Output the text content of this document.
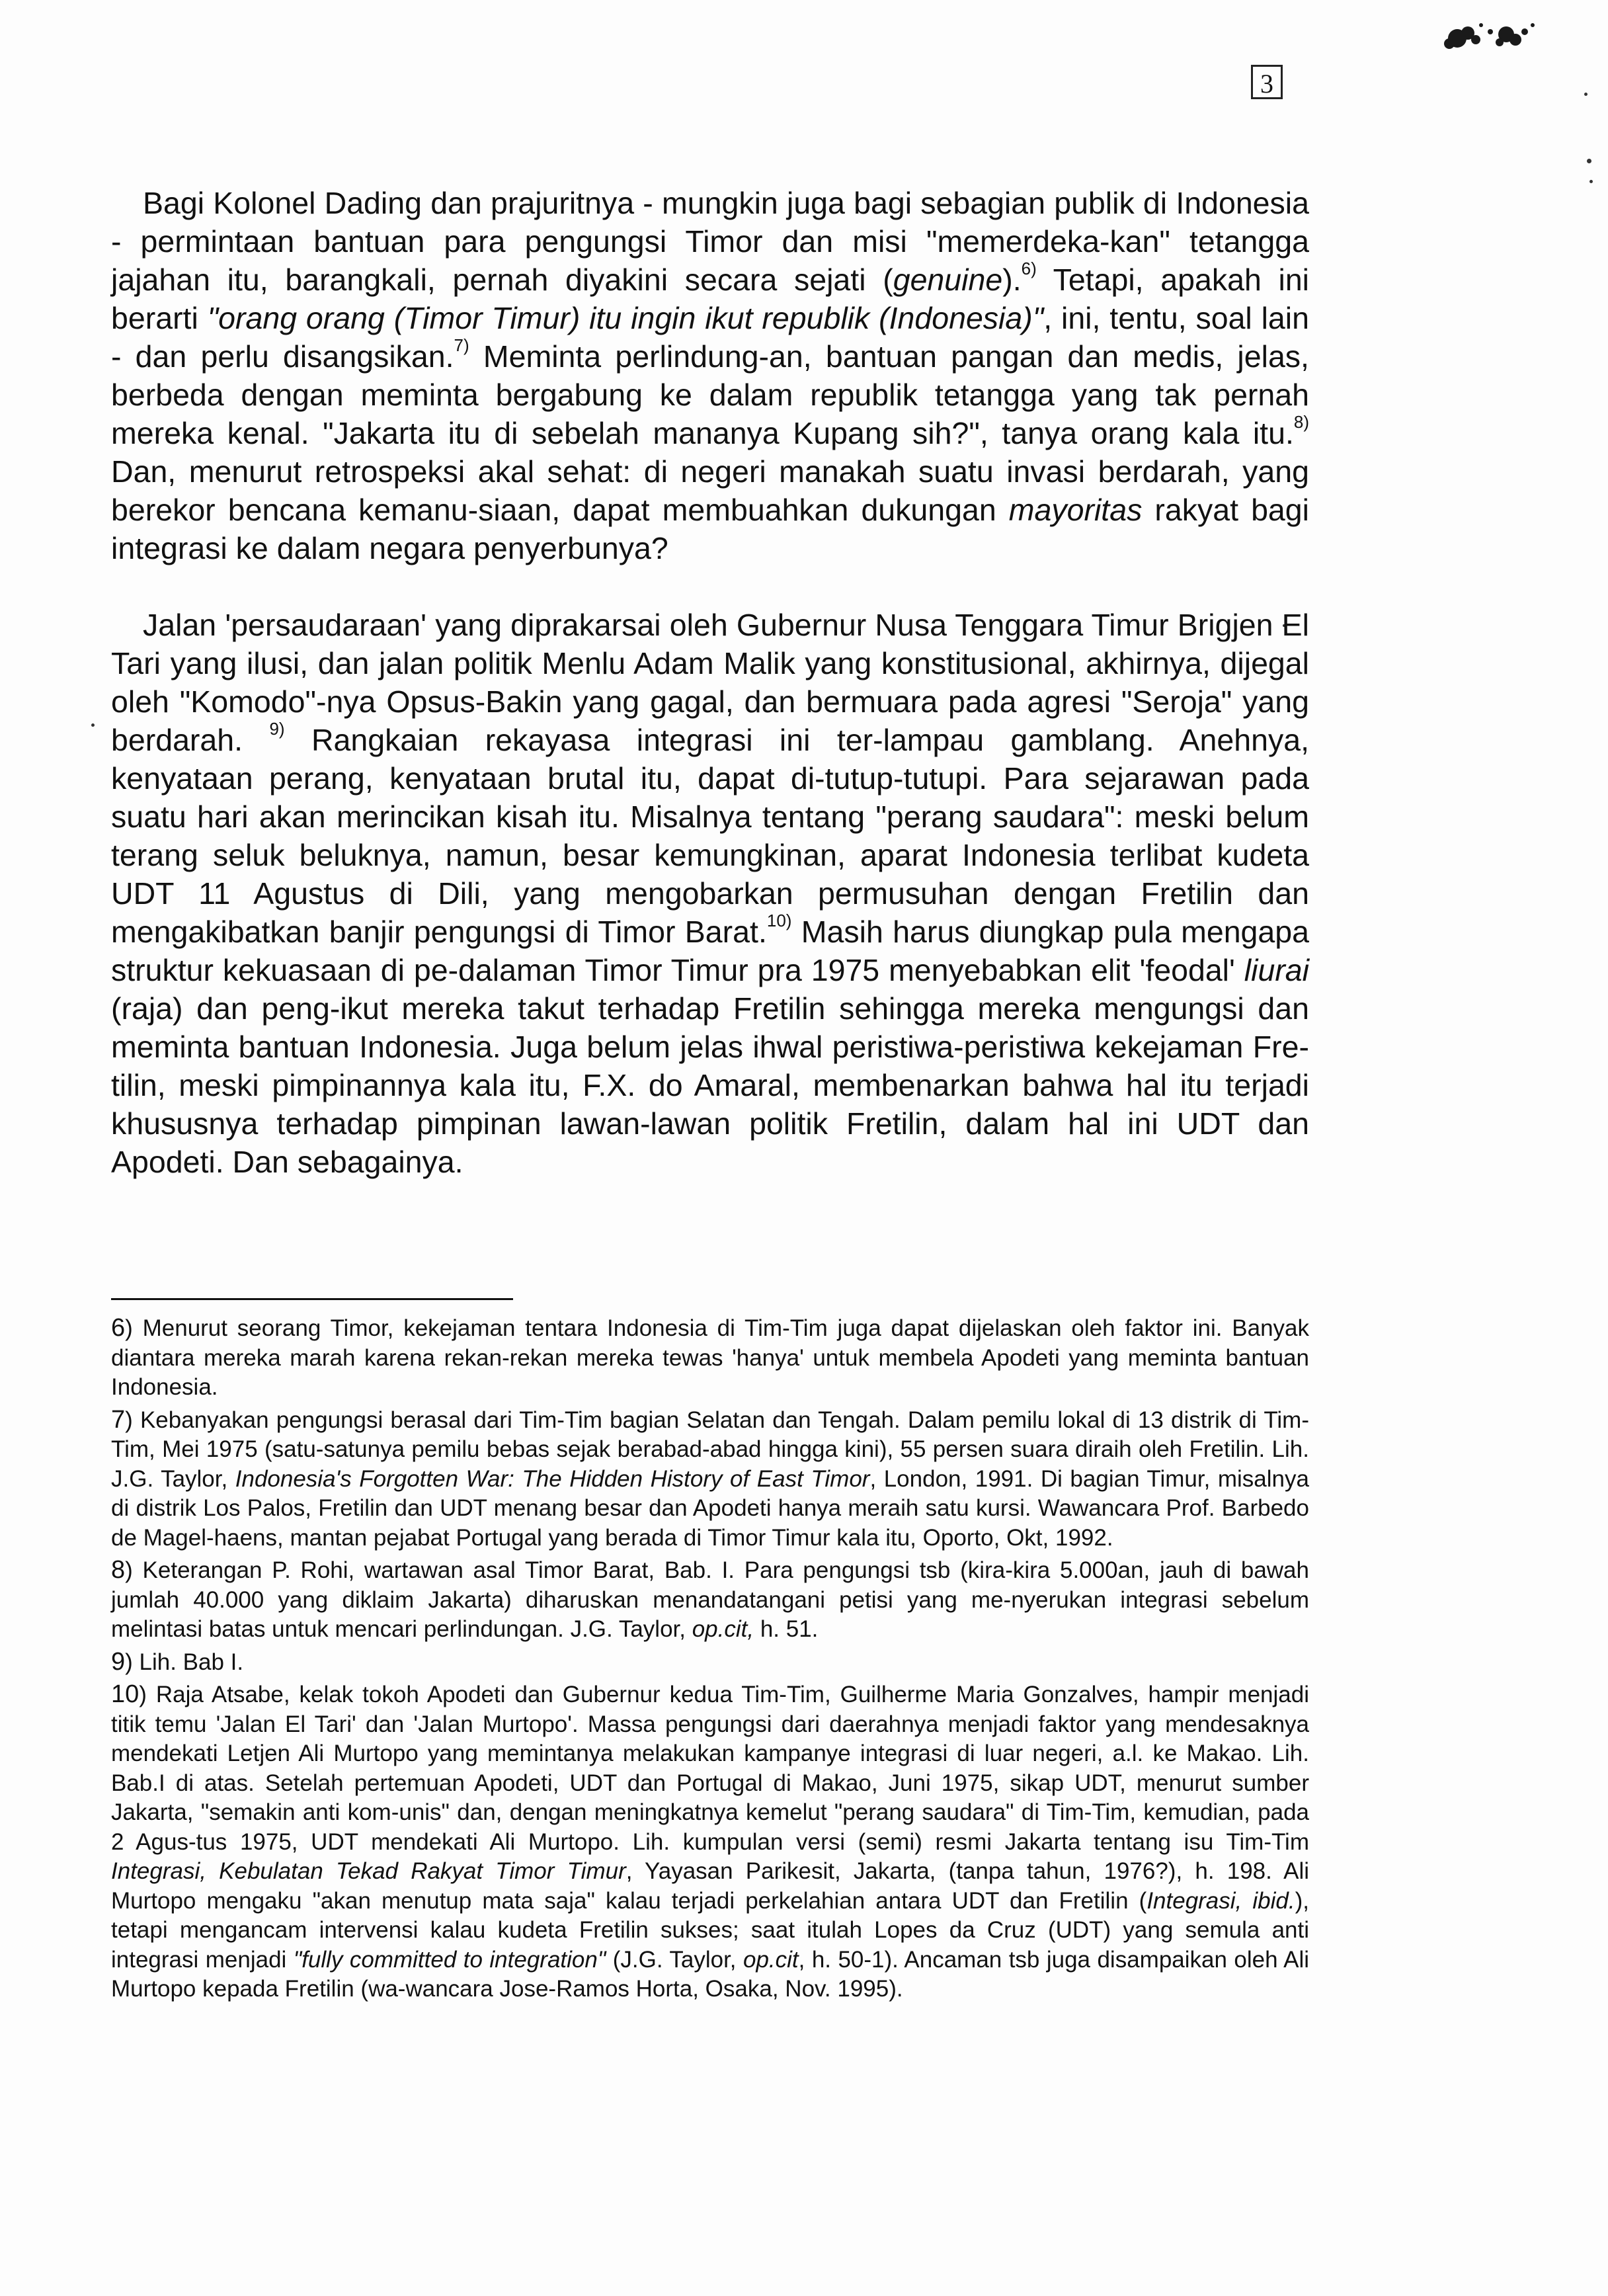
3

Bagi Kolonel Dading dan prajuritnya - mungkin juga bagi sebagian publik di Indonesia - permintaan bantuan para pengungsi Timor dan misi "memerdeka-kan" tetangga jajahan itu, barangkali, pernah diyakini secara sejati (genuine).$^{6)}$ Tetapi, apakah ini berarti "orang orang (Timor Timur) itu ingin ikut republik (Indonesia)", ini, tentu, soal lain - dan perlu disangsikan.$^{7)}$ Meminta perlindung-an, bantuan pangan dan medis, jelas, berbeda dengan meminta bergabung ke dalam republik tetangga yang tak pernah mereka kenal. "Jakarta itu di sebelah mananya Kupang sih?", tanya orang kala itu.$^{8)}$ Dan, menurut retrospeksi akal sehat: di negeri manakah suatu invasi berdarah, yang berekor bencana kemanu-siaan, dapat membuahkan dukungan mayoritas rakyat bagi integrasi ke dalam negara penyerbunya?

Jalan 'persaudaraan' yang diprakarsai oleh Gubernur Nusa Tenggara Timur Brigjen El Tari yang ilusi, dan jalan politik Menlu Adam Malik yang konstitusional, akhirnya, dijegal oleh "Komodo"-nya Opsus-Bakin yang gagal, dan bermuara pada agresi "Seroja" yang berdarah. $^{9)}$ Rangkaian rekayasa integrasi ini ter-lampau gamblang. Anehnya, kenyataan perang, kenyataan brutal itu, dapat di-tutup-tutupi. Para sejarawan pada suatu hari akan merincikan kisah itu. Misalnya tentang "perang saudara": meski belum terang seluk beluknya, namun, besar kemungkinan, aparat Indonesia terlibat kudeta UDT 11 Agustus di Dili, yang mengobarkan permusuhan dengan Fretilin dan mengakibatkan banjir pengungsi di Timor Barat.$^{10)}$ Masih harus diungkap pula mengapa struktur kekuasaan di pe-dalaman Timor Timur pra 1975 menyebabkan elit 'feodal' liurai (raja) dan peng-ikut mereka takut terhadap Fretilin sehingga mereka mengungsi dan meminta bantuan Indonesia. Juga belum jelas ihwal peristiwa-peristiwa kekejaman Fre-tilin, meski pimpinannya kala itu, F.X. do Amaral, membenarkan bahwa hal itu terjadi khususnya terhadap pimpinan lawan-lawan politik Fretilin, dalam hal ini UDT dan Apodeti. Dan sebagainya.

6) Menurut seorang Timor, kekejaman tentara Indonesia di Tim-Tim juga dapat dijelaskan oleh faktor ini. Banyak diantara mereka marah karena rekan-rekan mereka tewas 'hanya' untuk membela Apodeti yang meminta bantuan Indonesia.

7) Kebanyakan pengungsi berasal dari Tim-Tim bagian Selatan dan Tengah. Dalam pemilu lokal di 13 distrik di Tim-Tim, Mei 1975 (satu-satunya pemilu bebas sejak berabad-abad hingga kini), 55 persen suara diraih oleh Fretilin. Lih. J.G. Taylor, Indonesia's Forgotten War: The Hidden History of East Timor, London, 1991. Di bagian Timur, misalnya di distrik Los Palos, Fretilin dan UDT menang besar dan Apodeti hanya meraih satu kursi. Wawancara Prof. Barbedo de Magel-haens, mantan pejabat Portugal yang berada di Timor Timur kala itu, Oporto, Okt, 1992.

8) Keterangan P. Rohi, wartawan asal Timor Barat, Bab. I. Para pengungsi tsb (kira-kira 5.000an, jauh di bawah jumlah 40.000 yang diklaim Jakarta) diharuskan menandatangani petisi yang me-nyerukan integrasi sebelum melintasi batas untuk mencari perlindungan. J.G. Taylor, op.cit, h. 51.

9) Lih. Bab I.

10) Raja Atsabe, kelak tokoh Apodeti dan Gubernur kedua Tim-Tim, Guilherme Maria Gonzalves, hampir menjadi titik temu 'Jalan El Tari' dan 'Jalan Murtopo'. Massa pengungsi dari daerahnya menjadi faktor yang mendesaknya mendekati Letjen Ali Murtopo yang memintanya melakukan kampanye integrasi di luar negeri, a.l. ke Makao. Lih. Bab.I di atas. Setelah pertemuan Apodeti, UDT dan Portugal di Makao, Juni 1975, sikap UDT, menurut sumber Jakarta, "semakin anti kom-unis" dan, dengan meningkatnya kemelut "perang saudara" di Tim-Tim, kemudian, pada 2 Agus-tus 1975, UDT mendekati Ali Murtopo. Lih. kumpulan versi (semi) resmi Jakarta tentang isu Tim-Tim Integrasi, Kebulatan Tekad Rakyat Timor Timur, Yayasan Parikesit, Jakarta, (tanpa tahun, 1976?), h. 198. Ali Murtopo mengaku "akan menutup mata saja" kalau terjadi perkelahian antara UDT dan Fretilin (Integrasi, ibid.), tetapi mengancam intervensi kalau kudeta Fretilin sukses; saat itulah Lopes da Cruz (UDT) yang semula anti integrasi menjadi "fully committed to integration" (J.G. Taylor, op.cit, h. 50-1). Ancaman tsb juga disampaikan oleh Ali Murtopo kepada Fretilin (wa-wancara Jose-Ramos Horta, Osaka, Nov. 1995).
